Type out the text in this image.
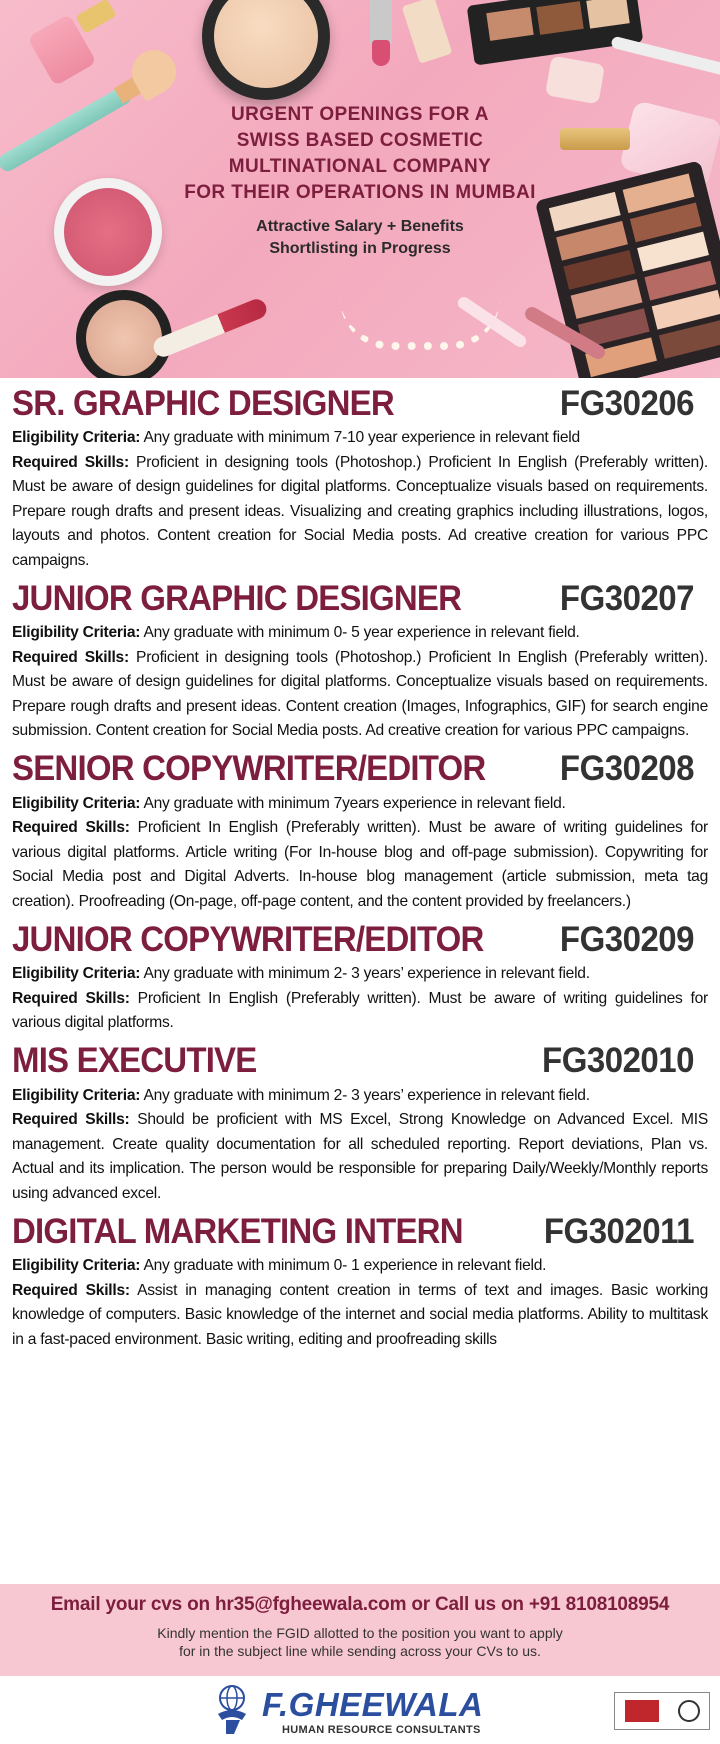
URGENT OPENINGS FOR A
SWISS BASED COSMETIC
MULTINATIONAL COMPANY
FOR THEIR OPERATIONS IN MUMBAI
Attractive Salary + Benefits
Shortlisting in Progress
SR. GRAPHIC DESIGNER	FG30206
Eligibility Criteria: Any graduate with minimum 7-10 year experience in relevant field
Required Skills: Proficient in designing tools (Photoshop.) Proficient In English (Preferably written). Must be aware of design guidelines for digital platforms. Conceptualize visuals based on requirements. Prepare rough drafts and present ideas. Visualizing and creating graphics including illustrations, logos, layouts and photos. Content creation for Social Media posts. Ad creative creation for various PPC campaigns.
JUNIOR GRAPHIC DESIGNER	FG30207
Eligibility Criteria: Any graduate with minimum 0- 5 year experience in relevant field.
Required Skills: Proficient in designing tools (Photoshop.) Proficient In English (Preferably written). Must be aware of design guidelines for digital platforms. Conceptualize visuals based on requirements. Prepare rough drafts and present ideas. Content creation (Images, Infographics, GIF) for search engine submission. Content creation for Social Media posts. Ad creative creation for various PPC campaigns.
SENIOR COPYWRITER/EDITOR FG30208
Eligibility Criteria: Any graduate with minimum 7years experience in relevant field.
Required Skills: Proficient In English (Preferably written). Must be aware of writing guidelines for various digital platforms. Article writing (For In-house blog and off-page submission). Copywriting for Social Media post and Digital Adverts. In-house blog management (article submission, meta tag creation). Proofreading (On-page, off-page content, and the content provided by freelancers.)
JUNIOR COPYWRITER/EDITOR FG30209
Eligibility Criteria: Any graduate with minimum 2- 3 years’ experience in relevant field.
Required Skills: Proficient In English (Preferably written). Must be aware of writing guidelines for various digital platforms.
MIS EXECUTIVE	FG302010
Eligibility Criteria: Any graduate with minimum 2- 3 years’ experience in relevant field.
Required Skills: Should be proficient with MS Excel, Strong Knowledge on Advanced Excel. MIS management. Create quality documentation for all scheduled reporting. Report deviations, Plan vs. Actual and its implication. The person would be responsible for preparing Daily/Weekly/Monthly reports using advanced excel.
DIGITAL MARKETING INTERN FG302011
Eligibility Criteria: Any graduate with minimum 0- 1 experience in relevant field.
Required Skills: Assist in managing content creation in terms of text and images. Basic working knowledge of computers. Basic knowledge of the internet and social media platforms. Ability to multitask in a fast-paced environment. Basic writing, editing and proofreading skills
Email your cvs on hr35@fgheewala.com or Call us on +91 8108108954
Kindly mention the FGID allotted to the position you want to apply
for in the subject line while sending across your CVs to us.
F.GHEEWALA
HUMAN RESOURCE CONSULTANTS
